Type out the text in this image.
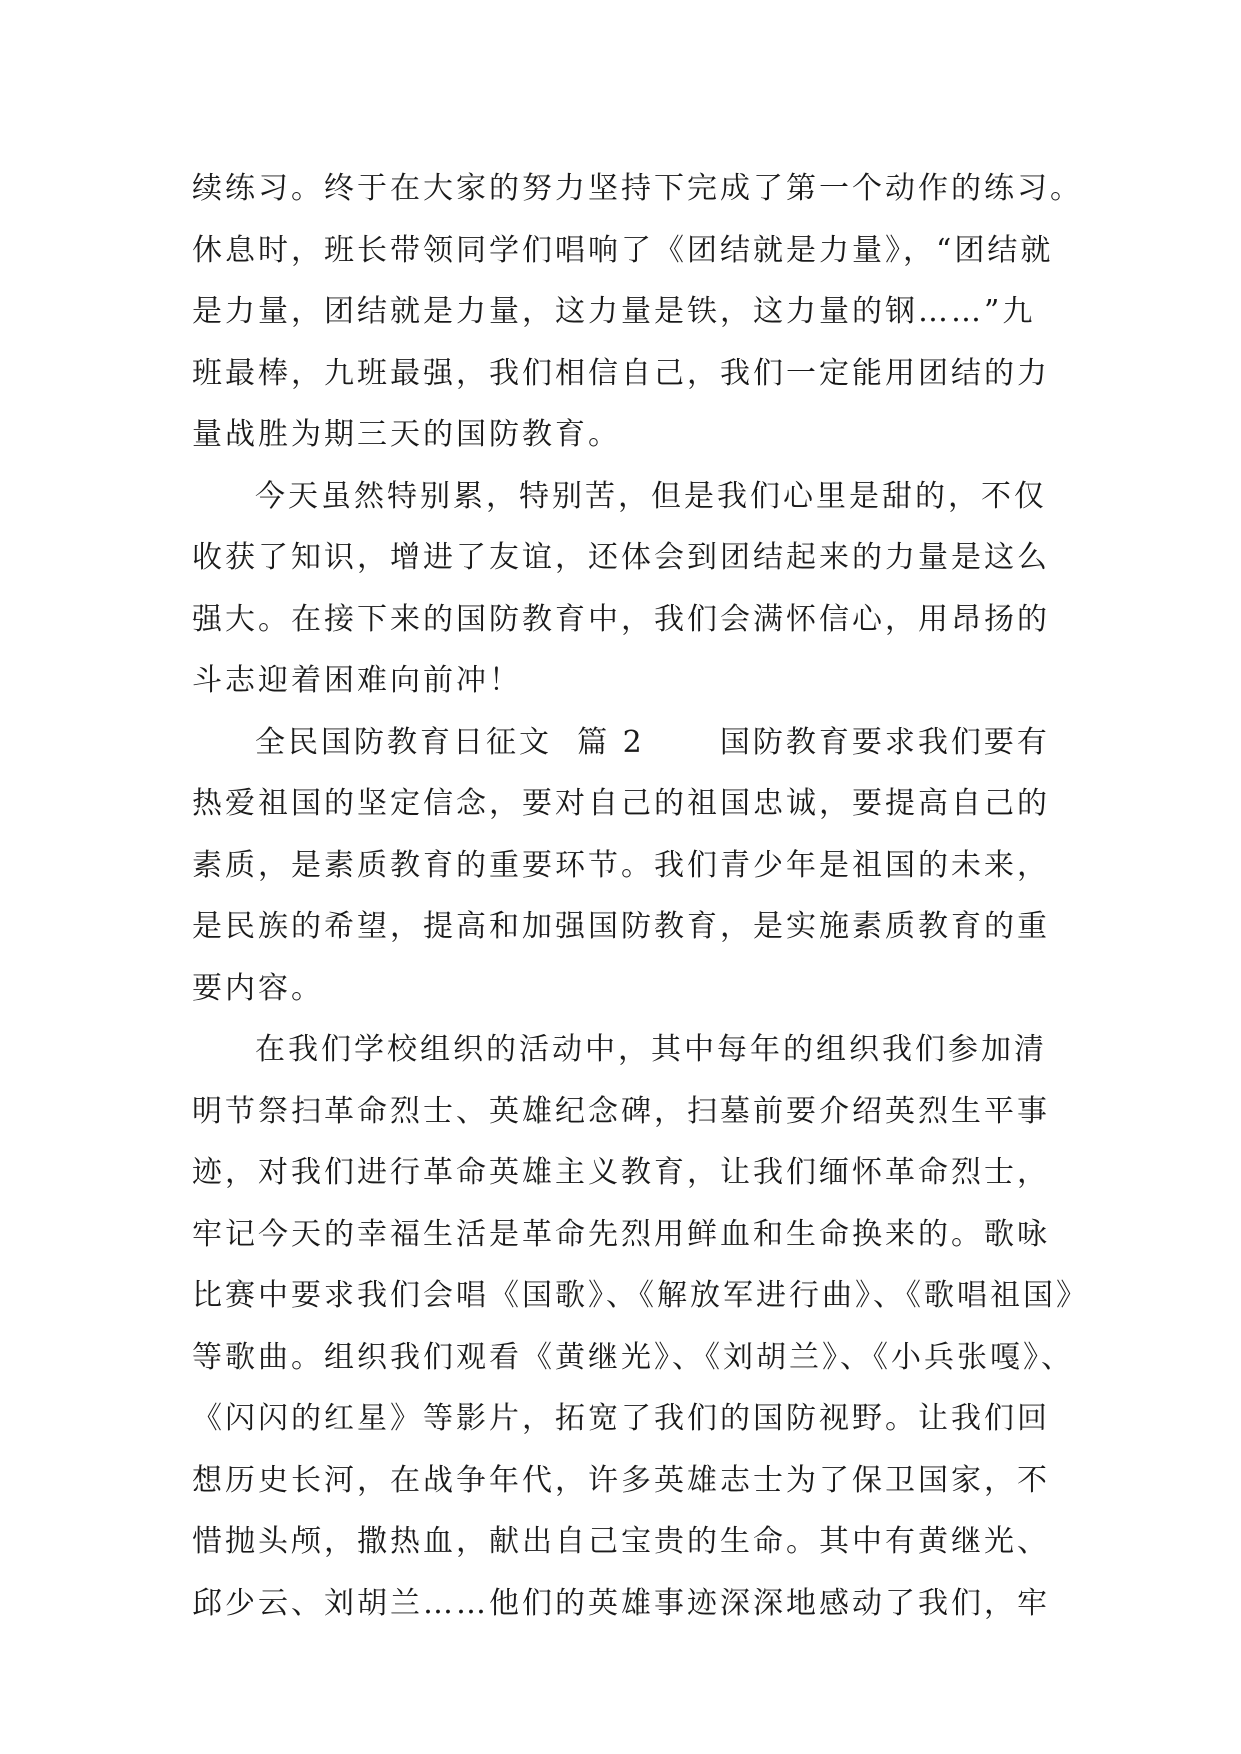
续练习。终于在大家的努力坚持下完成了第一个动作的练习。
休息时，班长带领同学们唱响了《团结就是力量》，“团结就
是力量，团结就是力量，这力量是铁，这力量的钢……”九
班最棒，九班最强，我们相信自己，我们一定能用团结的力
量战胜为期三天的国防教育。
今天虽然特别累，特别苦，但是我们心里是甜的，不仅
收获了知识，增进了友谊，还体会到团结起来的力量是这么
强大。在接下来的国防教育中，我们会满怀信心，用昂扬的
斗志迎着困难向前冲！
全民国防教育日征文  篇 2      国防教育要求我们要有
热爱祖国的坚定信念，要对自己的祖国忠诚，要提高自己的
素质，是素质教育的重要环节。我们青少年是祖国的未来，
是民族的希望，提高和加强国防教育，是实施素质教育的重
要内容。
在我们学校组织的活动中，其中每年的组织我们参加清
明节祭扫革命烈士、英雄纪念碑，扫墓前要介绍英烈生平事
迹，对我们进行革命英雄主义教育，让我们缅怀革命烈士，
牢记今天的幸福生活是革命先烈用鲜血和生命换来的。歌咏
比赛中要求我们会唱《国歌》、《解放军进行曲》、《歌唱祖国》
等歌曲。组织我们观看《黄继光》、《刘胡兰》、《小兵张嘎》、
《闪闪的红星》等影片，拓宽了我们的国防视野。让我们回
想历史长河，在战争年代，许多英雄志士为了保卫国家，不
惜抛头颅，撒热血，献出自己宝贵的生命。其中有黄继光、
邱少云、刘胡兰……他们的英雄事迹深深地感动了我们，牢
